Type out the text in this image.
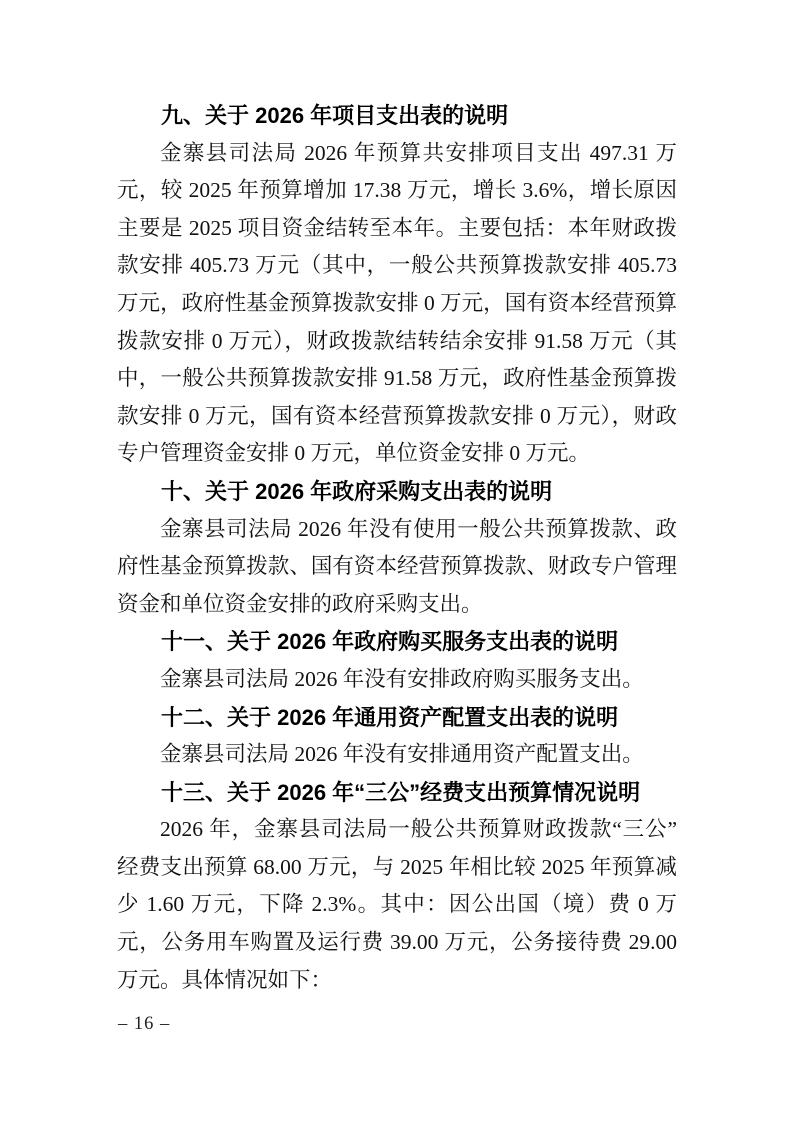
九、关于 2026 年项目支出表的说明

金寨县司法局 2026 年预算共安排项目支出 497.31 万元，较 2025 年预算增加 17.38 万元，增长 3.6%，增长原因主要是 2025 项目资金结转至本年。主要包括：本年财政拨款安排 405.73 万元（其中，一般公共预算拨款安排 405.73 万元，政府性基金预算拨款安排 0 万元，国有资本经营预算拨款安排 0 万元），财政拨款结转结余安排 91.58 万元（其中，一般公共预算拨款安排 91.58 万元，政府性基金预算拨款安排 0 万元，国有资本经营预算拨款安排 0 万元），财政专户管理资金安排 0 万元，单位资金安排 0 万元。

十、关于 2026 年政府采购支出表的说明

金寨县司法局 2026 年没有使用一般公共预算拨款、政府性基金预算拨款、国有资本经营预算拨款、财政专户管理资金和单位资金安排的政府采购支出。

十一、关于 2026 年政府购买服务支出表的说明

金寨县司法局 2026 年没有安排政府购买服务支出。

十二、关于 2026 年通用资产配置支出表的说明

金寨县司法局 2026 年没有安排通用资产配置支出。

十三、关于 2026 年“三公”经费支出预算情况说明

2026 年，金寨县司法局一般公共预算财政拨款“三公”经费支出预算 68.00 万元，与 2025 年相比较 2025 年预算减少 1.60 万元，下降 2.3%。其中：因公出国（境）费 0 万元，公务用车购置及运行费 39.00 万元，公务接待费 29.00 万元。具体情况如下：

– 16 –
